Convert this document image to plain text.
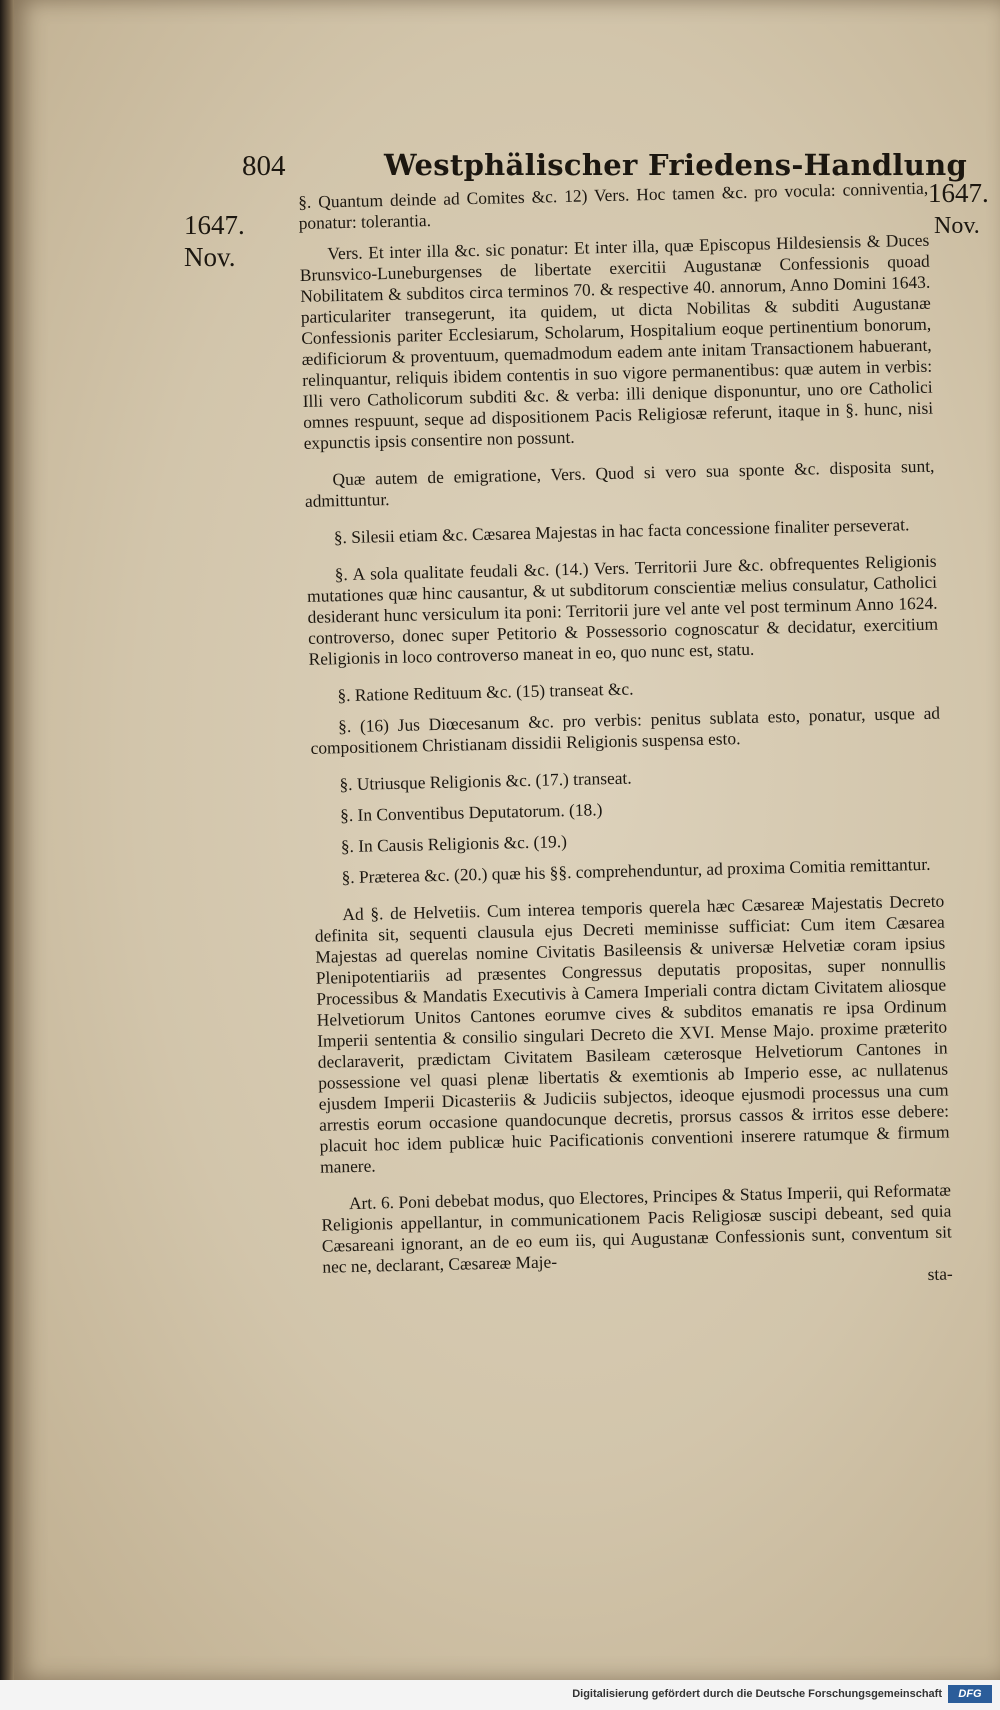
804	Westphälischer Friedens-Handlung
1647.
Nov.
1647.
Nov.

§. Quantum deinde ad Comites &c. 12) Vers. Hoc tamen &c. pro vocula: conniventia, ponatur: tolerantia.

Vers. Et inter illa &c. sic ponatur: Et inter illa, quæ Episcopus Hildesiensis & Duces Brunsvico-Luneburgenses de libertate exercitii Augustanæ Confessionis quoad Nobilitatem & subditos circa terminos 70. & respective 40. annorum, Anno Domini 1643. particulariter transegerunt, ita quidem, ut dicta Nobilitas & subditi Augustanæ Confessionis pariter Ecclesiarum, Scholarum, Hospitalium eoque pertinentium bonorum, ædificiorum & proventuum, quemadmodum eadem ante initam Transactionem habuerant, relinquantur, reliquis ibidem contentis in suo vigore permanentibus: quæ autem in verbis: Illi vero Catholicorum subditi &c. & verba: illi denique disponuntur, uno ore Catholici omnes respuunt, seque ad dispositionem Pacis Religiosæ referunt, itaque in §. hunc, nisi expunctis ipsis consentire non possunt.

Quæ autem de emigratione, Vers. Quod si vero sua sponte &c. disposita sunt, admittuntur.

§. Silesii etiam &c. Cæsarea Majestas in hac facta concessione finaliter perseverat.

§. A sola qualitate feudali &c. (14.) Vers. Territorii Jure &c. obfrequentes Religionis mutationes quæ hinc causantur, & ut subditorum conscientiæ melius consulatur, Catholici desiderant hunc versiculum ita poni: Territorii jure vel ante vel post terminum Anno 1624. controverso, donec super Petitorio & Possessorio cognoscatur & decidatur, exercitium Religionis in loco controverso maneat in eo, quo nunc est, statu.

§. Ratione Redituum &c. (15) transeat &c.

§. (16) Jus Diœcesanum &c. pro verbis: penitus sublata esto, ponatur, usque ad compositionem Christianam dissidii Religionis suspensa esto.

§. Utriusque Religionis &c. (17.) transeat.

§. In Conventibus Deputatorum. (18.)

§. In Causis Religionis &c. (19.)

§. Præterea &c. (20.) quæ his §§. comprehenduntur, ad proxima Comitia remittantur.

Ad §. de Helvetiis. Cum interea temporis querela hæc Cæsareæ Majestatis Decreto definita sit, sequenti clausula ejus Decreti meminisse sufficiat: Cum item Cæsarea Majestas ad querelas nomine Civitatis Basileensis & universæ Helvetiæ coram ipsius Plenipotentiariis ad præsentes Congressus deputatis propositas, super nonnullis Processibus & Mandatis Executivis à Camera Imperiali contra dictam Civitatem aliosque Helvetiorum Unitos Cantones eorumve cives & subditos emanatis re ipsa Ordinum Imperii sententia & consilio singulari Decreto die XVI. Mense Majo. proxime præterito declaraverit, prædictam Civitatem Basileam cæterosque Helvetiorum Cantones in possessione vel quasi plenæ libertatis & exemtionis ab Imperio esse, ac nullatenus ejusdem Imperii Dicasteriis & Judiciis subjectos, ideoque ejusmodi processus una cum arrestis eorum occasione quandocunque decretis, prorsus cassos & irritos esse debere: placuit hoc idem publicæ huic Pacificationis conventioni inserere ratumque & firmum manere.

Art. 6. Poni debebat modus, quo Electores, Principes & Status Imperii, qui Reformatæ Religionis appellantur, in communicationem Pacis Religiosæ suscipi debeant, sed quia Cæsareani ignorant, an de eo eum iis, qui Augustanæ Confessionis sunt, conventum sit nec ne, declarant, Cæsareæ Maje-	sta-

Digitalisierung gefördert durch die Deutsche Forschungsgemeinschaft	DFG
